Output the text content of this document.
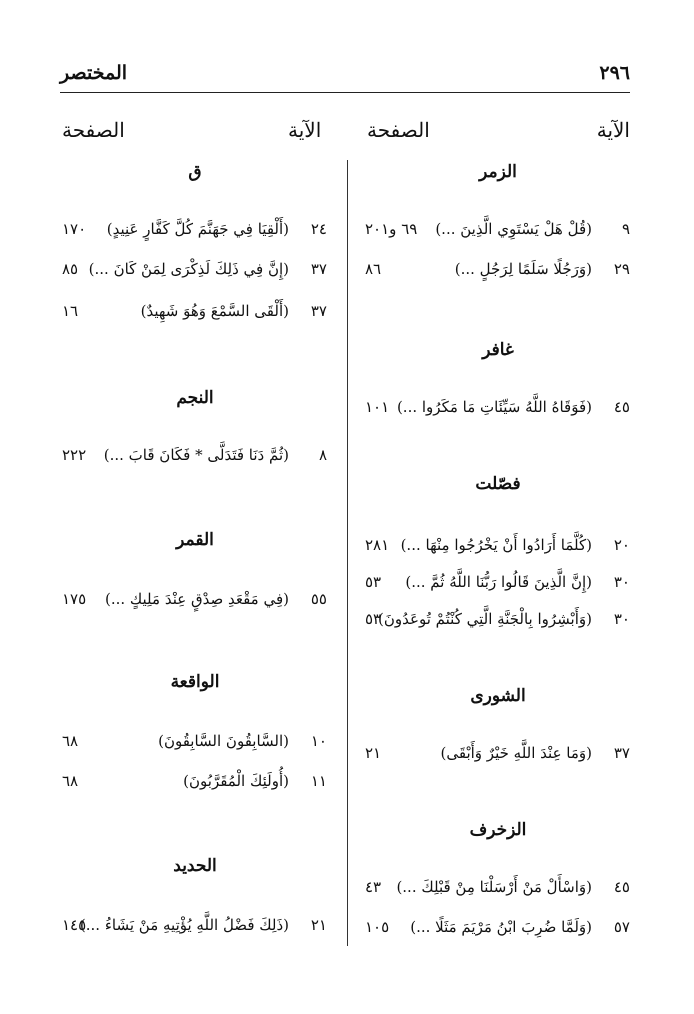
المختصر	٢٩٦
الآية
الصفحة
الآية
الصفحة
الزمر
٩
(قُلْ هَلْ يَسْتَوِي الَّذِينَ ...)
٦٩ و٢٠١
٢٩
(وَرَجُلًا سَلَمًا لِرَجُلٍ ...)
٨٦
غافر
٤٥
(فَوَقَاهُ اللَّهُ سَيِّئَاتِ مَا مَكَرُوا ...)
١٠١
فصّلت
٢٠
(كُلَّمَا أَرَادُوا أَنْ يَخْرُجُوا مِنْهَا ...)
٢٨١
٣٠
(إِنَّ الَّذِينَ قَالُوا رَبُّنَا اللَّهُ ثُمَّ ...)
٥٣
٣٠
(وَأَبْشِرُوا بِالْجَنَّةِ الَّتِي كُنْتُمْ تُوعَدُونَ)
٥٣
الشورى
٣٧
(وَمَا عِنْدَ اللَّهِ خَيْرٌ وَأَبْقَى)
٢١
الزخرف
٤٥
(وَاسْأَلْ مَنْ أَرْسَلْنَا مِنْ قَبْلِكَ ...)
٤٣
٥٧
(وَلَمَّا ضُرِبَ ابْنُ مَرْيَمَ مَثَلًا ...)
١٠٥
ق
٢٤
(أَلْقِيَا فِي جَهَنَّمَ كُلَّ كَفَّارٍ عَنِيدٍ)
١٧٠
٣٧
(إِنَّ فِي ذَلِكَ لَذِكْرَى لِمَنْ كَانَ ...)
٨٥
٣٧
(أَلْقَى السَّمْعَ وَهُوَ شَهِيدٌ)
١٦
النجم
٨
(ثُمَّ دَنَا فَتَدَلَّى * فَكَانَ قَابَ ...)
٢٢٢
القمر
٥٥
(فِي مَقْعَدِ صِدْقٍ عِنْدَ مَلِيكٍ ...)
١٧٥
الواقعة
١٠
(السَّابِقُونَ السَّابِقُونَ)
٦٨
١١
(أُولَئِكَ الْمُقَرَّبُونَ)
٦٨
الحديد
٢١
(ذَلِكَ فَضْلُ اللَّهِ يُؤْتِيهِ مَنْ يَشَاءُ ...)
١٤٥
